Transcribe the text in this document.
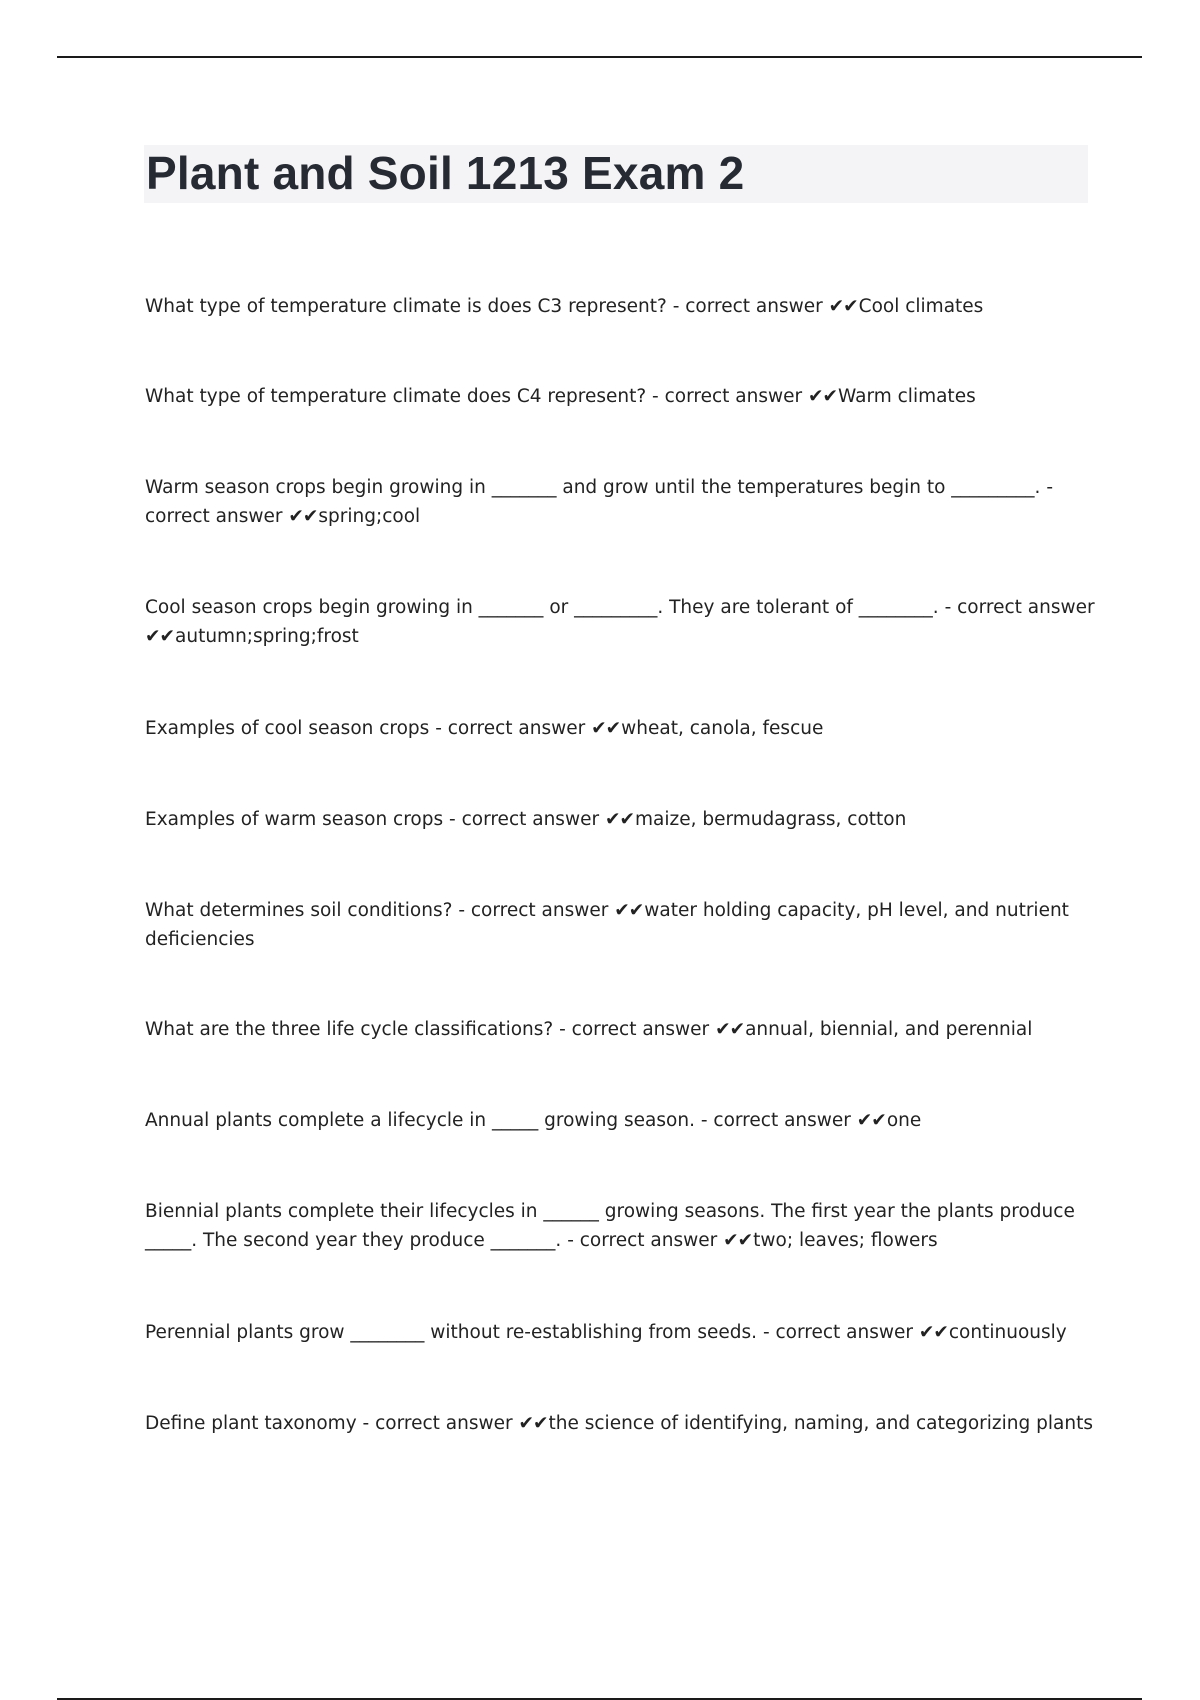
Plant and Soil 1213 Exam 2

What type of temperature climate is does C3 represent? - correct answer ✔✔Cool climates

What type of temperature climate does C4 represent? - correct answer ✔✔Warm climates

Warm season crops begin growing in _______ and grow until the temperatures begin to _________. - correct answer ✔✔spring;cool

Cool season crops begin growing in _______ or _________. They are tolerant of ________. - correct answer ✔✔autumn;spring;frost

Examples of cool season crops - correct answer ✔✔wheat, canola, fescue

Examples of warm season crops - correct answer ✔✔maize, bermudagrass, cotton

What determines soil conditions? - correct answer ✔✔water holding capacity, pH level, and nutrient deficiencies

What are the three life cycle classifications? - correct answer ✔✔annual, biennial, and perennial

Annual plants complete a lifecycle in _____ growing season. - correct answer ✔✔one

Biennial plants complete their lifecycles in ______ growing seasons. The first year the plants produce _____. The second year they produce _______. - correct answer ✔✔two; leaves; flowers

Perennial plants grow ________ without re-establishing from seeds. - correct answer ✔✔continuously

Define plant taxonomy - correct answer ✔✔the science of identifying, naming, and categorizing plants
